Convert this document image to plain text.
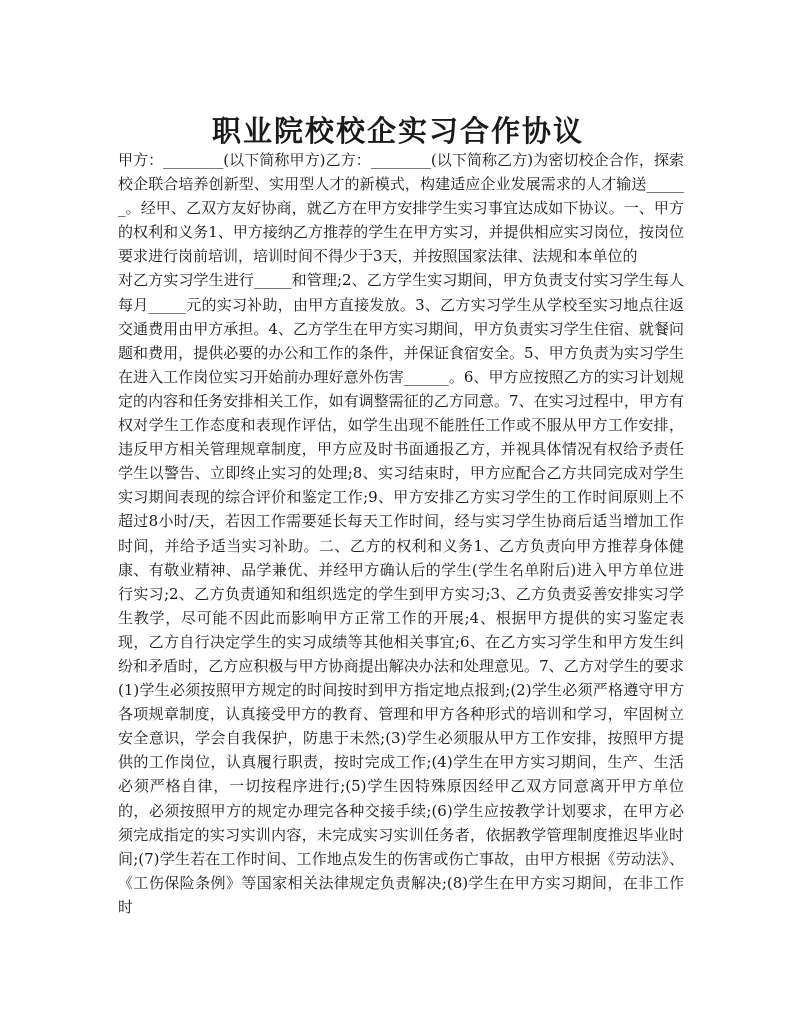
职业院校校企实习合作协议

甲方：________(以下简称甲方)乙方：________(以下简称乙方)为密切校企合作，探索校企联合培养创新型、实用型人才的新模式，构建适应企业发展需求的人才输送______。经甲、乙双方友好协商，就乙方在甲方安排学生实习事宜达成如下协议。一、甲方的权利和义务1、甲方接纳乙方推荐的学生在甲方实习，并提供相应实习岗位，按岗位要求进行岗前培训，培训时间不得少于3天，并按照国家法律、法规和本单位的

对乙方实习学生进行_____和管理;2、乙方学生实习期间，甲方负责支付实习学生每人每月_____元的实习补助，由甲方直接发放。3、乙方实习学生从学校至实习地点往返交通费用由甲方承担。4、乙方学生在甲方实习期间，甲方负责实习学生住宿、就餐问题和费用，提供必要的办公和工作的条件，并保证食宿安全。5、甲方负责为实习学生在进入工作岗位实习开始前办理好意外伤害______。6、甲方应按照乙方的实习计划规定的内容和任务安排相关工作，如有调整需征的乙方同意。7、在实习过程中，甲方有权对学生工作态度和表现作评估，如学生出现不能胜任工作或不服从甲方工作安排，违反甲方相关管理规章制度，甲方应及时书面通报乙方，并视具体情况有权给予责任学生以警告、立即终止实习的处理;8、实习结束时，甲方应配合乙方共同完成对学生实习期间表现的综合评价和鉴定工作;9、甲方安排乙方实习学生的工作时间原则上不超过8小时/天，若因工作需要延长每天工作时间，经与实习学生协商后适当增加工作时间，并给予适当实习补助。二、乙方的权利和义务1、乙方负责向甲方推荐身体健康、有敬业精神、品学兼优、并经甲方确认后的学生(学生名单附后)进入甲方单位进行实习;2、乙方负责通知和组织选定的学生到甲方实习;3、乙方负责妥善安排实习学生教学，尽可能不因此而影响甲方正常工作的开展;4、根据甲方提供的实习鉴定表现，乙方自行决定学生的实习成绩等其他相关事宜;6、在乙方实习学生和甲方发生纠纷和矛盾时，乙方应积极与甲方协商提出解决办法和处理意见。7、乙方对学生的要求(1)学生必须按照甲方规定的时间按时到甲方指定地点报到;(2)学生必须严格遵守甲方各项规章制度，认真接受甲方的教育、管理和甲方各种形式的培训和学习，牢固树立安全意识，学会自我保护，防患于未然;(3)学生必须服从甲方工作安排，按照甲方提供的工作岗位，认真履行职责，按时完成工作;(4)学生在甲方实习期间，生产、生活必须严格自律，一切按程序进行;(5)学生因特殊原因经甲乙双方同意离开甲方单位的，必须按照甲方的规定办理完各种交接手续;(6)学生应按教学计划要求，在甲方必须完成指定的实习实训内容，未完成实习实训任务者，依据教学管理制度推迟毕业时间;(7)学生若在工作时间、工作地点发生的伤害或伤亡事故，由甲方根据《劳动法》、《工伤保险条例》等国家相关法律规定负责解决;(8)学生在甲方实习期间，在非工作时
